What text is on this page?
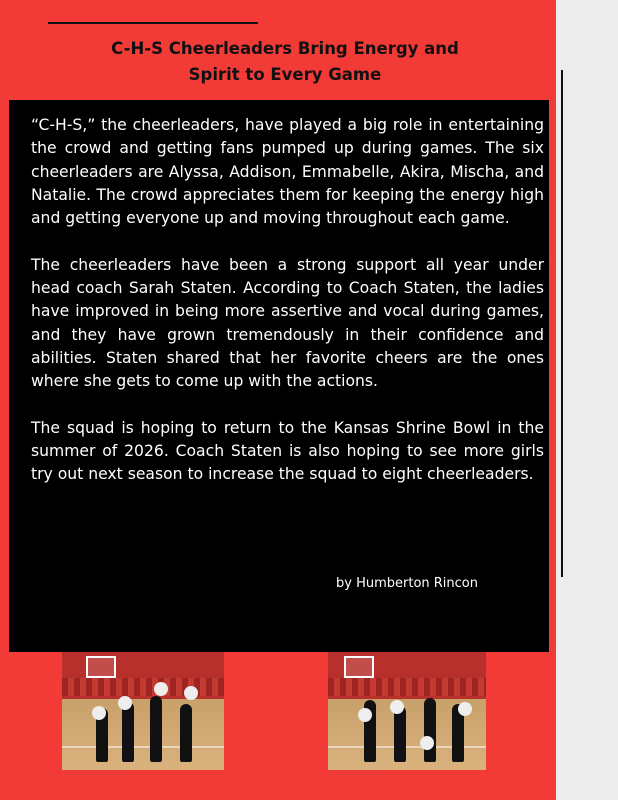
C-H-S Cheerleaders Bring Energy and
Spirit to Every Game

“C-H-S,” the cheerleaders, have played a big role in entertaining the crowd and getting fans pumped up during games. The six cheerleaders are Alyssa, Addison, Emmabelle, Akira, Mischa, and Natalie. The crowd appreciates them for keeping the energy high and getting everyone up and moving throughout each game.

The cheerleaders have been a strong support all year under head coach Sarah Staten. According to Coach Staten, the ladies have improved in being more assertive and vocal during games, and they have grown tremendously in their confidence and abilities. Staten shared that her favorite cheers are the ones where she gets to come up with the actions.

The squad is hoping to return to the Kansas Shrine Bowl in the summer of 2026. Coach Staten is also hoping to see more girls try out next season to increase the squad to eight cheerleaders.

by Humberton Rincon
